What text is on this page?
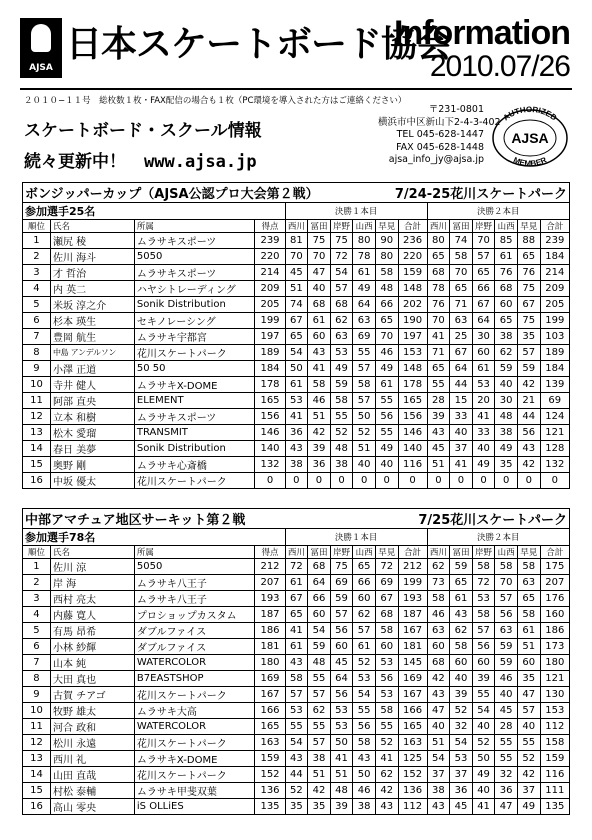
AJSA
日本スケートボード協会
Information
2010.07/26
２０１０−１１号　総枚数１枚・FAX配信の場合も１枚（PC環境を導入された方はご連絡ください）
スケートボード・スクール情報
続々更新中！ www.ajsa.jp
〒231-0801
横浜市中区新山下2-4-3-402
TEL 045-628-1447
FAX 045-628-1448
ajsa_info_jy@ajsa.jp
AUTHORIZED
MEMBER
AJSA
ボンジッパーカップ（AJSA公認プロ大会第２戦） 7/24-25花川スケートパーク															

参加選手25名				決勝１本目						決勝２本目					
順位	氏名	所属	得点	西川	冨田	岸野	山西	早見	合計	西川	冨田	岸野	山西	早見	合計
1	瀬尻 稜	ムラサキスポーツ	239	81	75	75	80	90	236	80	74	70	85	88	239
2	佐川 海斗	5050	220	70	70	72	78	80	220	65	58	57	61	65	184
3	才 哲治	ムラサキスポーツ	214	45	47	54	61	58	159	68	70	65	76	76	214
4	内 英二	ハヤシトレーディング	209	51	40	57	49	48	148	78	65	66	68	75	209
5	米坂 淳之介	Sonik Distribution	205	74	68	68	64	66	202	76	71	67	60	67	205
6	杉本 瑛生	セキノレーシング	199	67	61	62	63	65	190	70	63	64	65	75	199
7	豊岡 航生	ムラサキ宇都宮	197	65	60	63	69	70	197	41	25	30	38	35	103
8	中島 アンデルソン	花川スケートパーク	189	54	43	53	55	46	153	71	67	60	62	57	189
9	小澤 正道	50 50	184	50	41	49	57	49	148	65	64	61	59	59	184
10	寺井 健人	ムラサキX-DOME	178	61	58	59	58	61	178	55	44	53	40	42	139
11	阿部 直央	ELEMENT	165	53	46	58	57	55	165	28	15	20	30	21	69
12	立本 和樹	ムラサキスポーツ	156	41	51	55	50	56	156	39	33	41	48	44	124
13	松木 愛瑠	TRANSMIT	146	36	42	52	52	55	146	43	40	33	38	56	121
14	春日 美夢	Sonik Distribution	140	43	39	48	51	49	140	45	37	40	49	43	128
15	奥野 剛	ムラサキ心斎橋	132	38	36	38	40	40	116	51	41	49	35	42	132
16	中坂 優太	花川スケートパーク	0	0	0	0	0	0	0	0	0	0	0	0	0
中部アマチュア地区サーキット第２戦 7/25花川スケートパーク															

参加選手78名				決勝１本目						決勝２本目					
順位	氏名	所属	得点	西川	冨田	岸野	山西	早見	合計	西川	冨田	岸野	山西	早見	合計
1	佐川 涼	5050	212	72	68	75	65	72	212	62	59	58	58	58	175
2	岸 海	ムラサキ八王子	207	61	64	69	66	69	199	73	65	72	70	63	207
3	西村 亮太	ムラサキ八王子	193	67	66	59	60	67	193	58	61	53	57	65	176
4	内藤 寛人	プロショップカスタム	187	65	60	57	62	68	187	46	43	58	56	58	160
5	有馬 昂希	ダブルファイス	186	41	54	56	57	58	167	63	62	57	63	61	186
6	小林 紗輝	ダブルファイス	181	61	59	60	61	60	181	60	58	56	59	51	173
7	山本 純	WATERCOLOR	180	43	48	45	52	53	145	68	60	60	59	60	180
8	大田 真也	B7EASTSHOP	169	58	55	64	53	56	169	42	40	39	46	35	121
9	古賀 チアゴ	花川スケートパーク	167	57	57	56	54	53	167	43	39	55	40	47	130
10	牧野 雄太	ムラサキ大高	166	53	62	53	55	58	166	47	52	54	45	57	153
11	河合 政和	WATERCOLOR	165	55	55	53	56	55	165	40	32	40	28	40	112
12	松川 永遠	花川スケートパーク	163	54	57	50	58	52	163	51	54	52	55	55	158
13	西川 礼	ムラサキX-DOME	159	43	38	41	43	41	125	54	53	50	55	52	159
14	山田 直哉	花川スケートパーク	152	44	51	51	50	62	152	37	37	49	32	42	116
15	村松 泰輔	ムラサキ甲斐双葉	136	52	42	48	46	42	136	38	36	40	36	37	111
16	高山 零央	iS OLLiES	135	35	35	39	38	43	112	43	45	41	47	49	135
